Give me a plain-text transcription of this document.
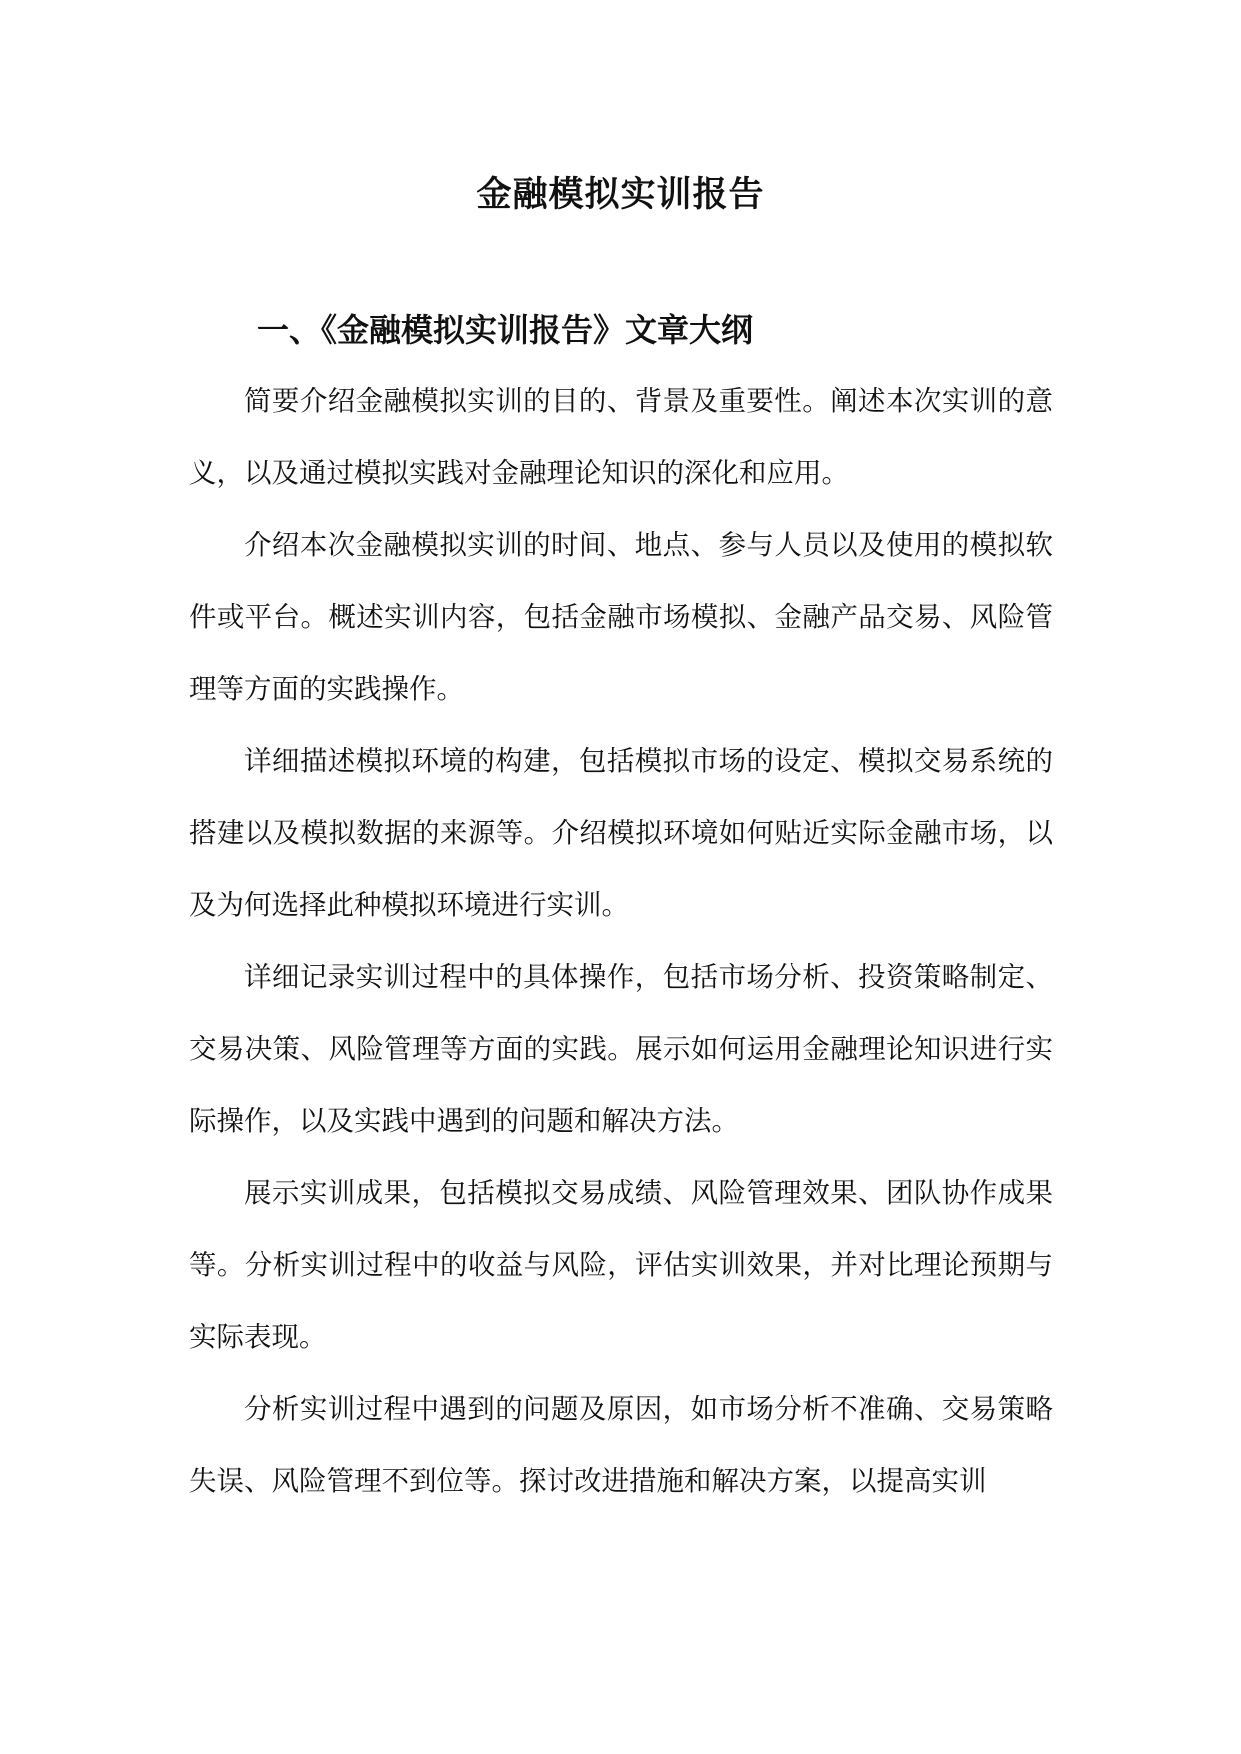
金融模拟实训报告
一、《金融模拟实训报告》文章大纲

简要介绍金融模拟实训的目的、背景及重要性。阐述本次实训的意义，以及通过模拟实践对金融理论知识的深化和应用。

介绍本次金融模拟实训的时间、地点、参与人员以及使用的模拟软件或平台。概述实训内容，包括金融市场模拟、金融产品交易、风险管理等方面的实践操作。

详细描述模拟环境的构建，包括模拟市场的设定、模拟交易系统的搭建以及模拟数据的来源等。介绍模拟环境如何贴近实际金融市场，以及为何选择此种模拟环境进行实训。

详细记录实训过程中的具体操作，包括市场分析、投资策略制定、交易决策、风险管理等方面的实践。展示如何运用金融理论知识进行实际操作，以及实践中遇到的问题和解决方法。

展示实训成果，包括模拟交易成绩、风险管理效果、团队协作成果等。分析实训过程中的收益与风险，评估实训效果，并对比理论预期与实际表现。

分析实训过程中遇到的问题及原因，如市场分析不准确、交易策略失误、风险管理不到位等。探讨改进措施和解决方案，以提高实训
